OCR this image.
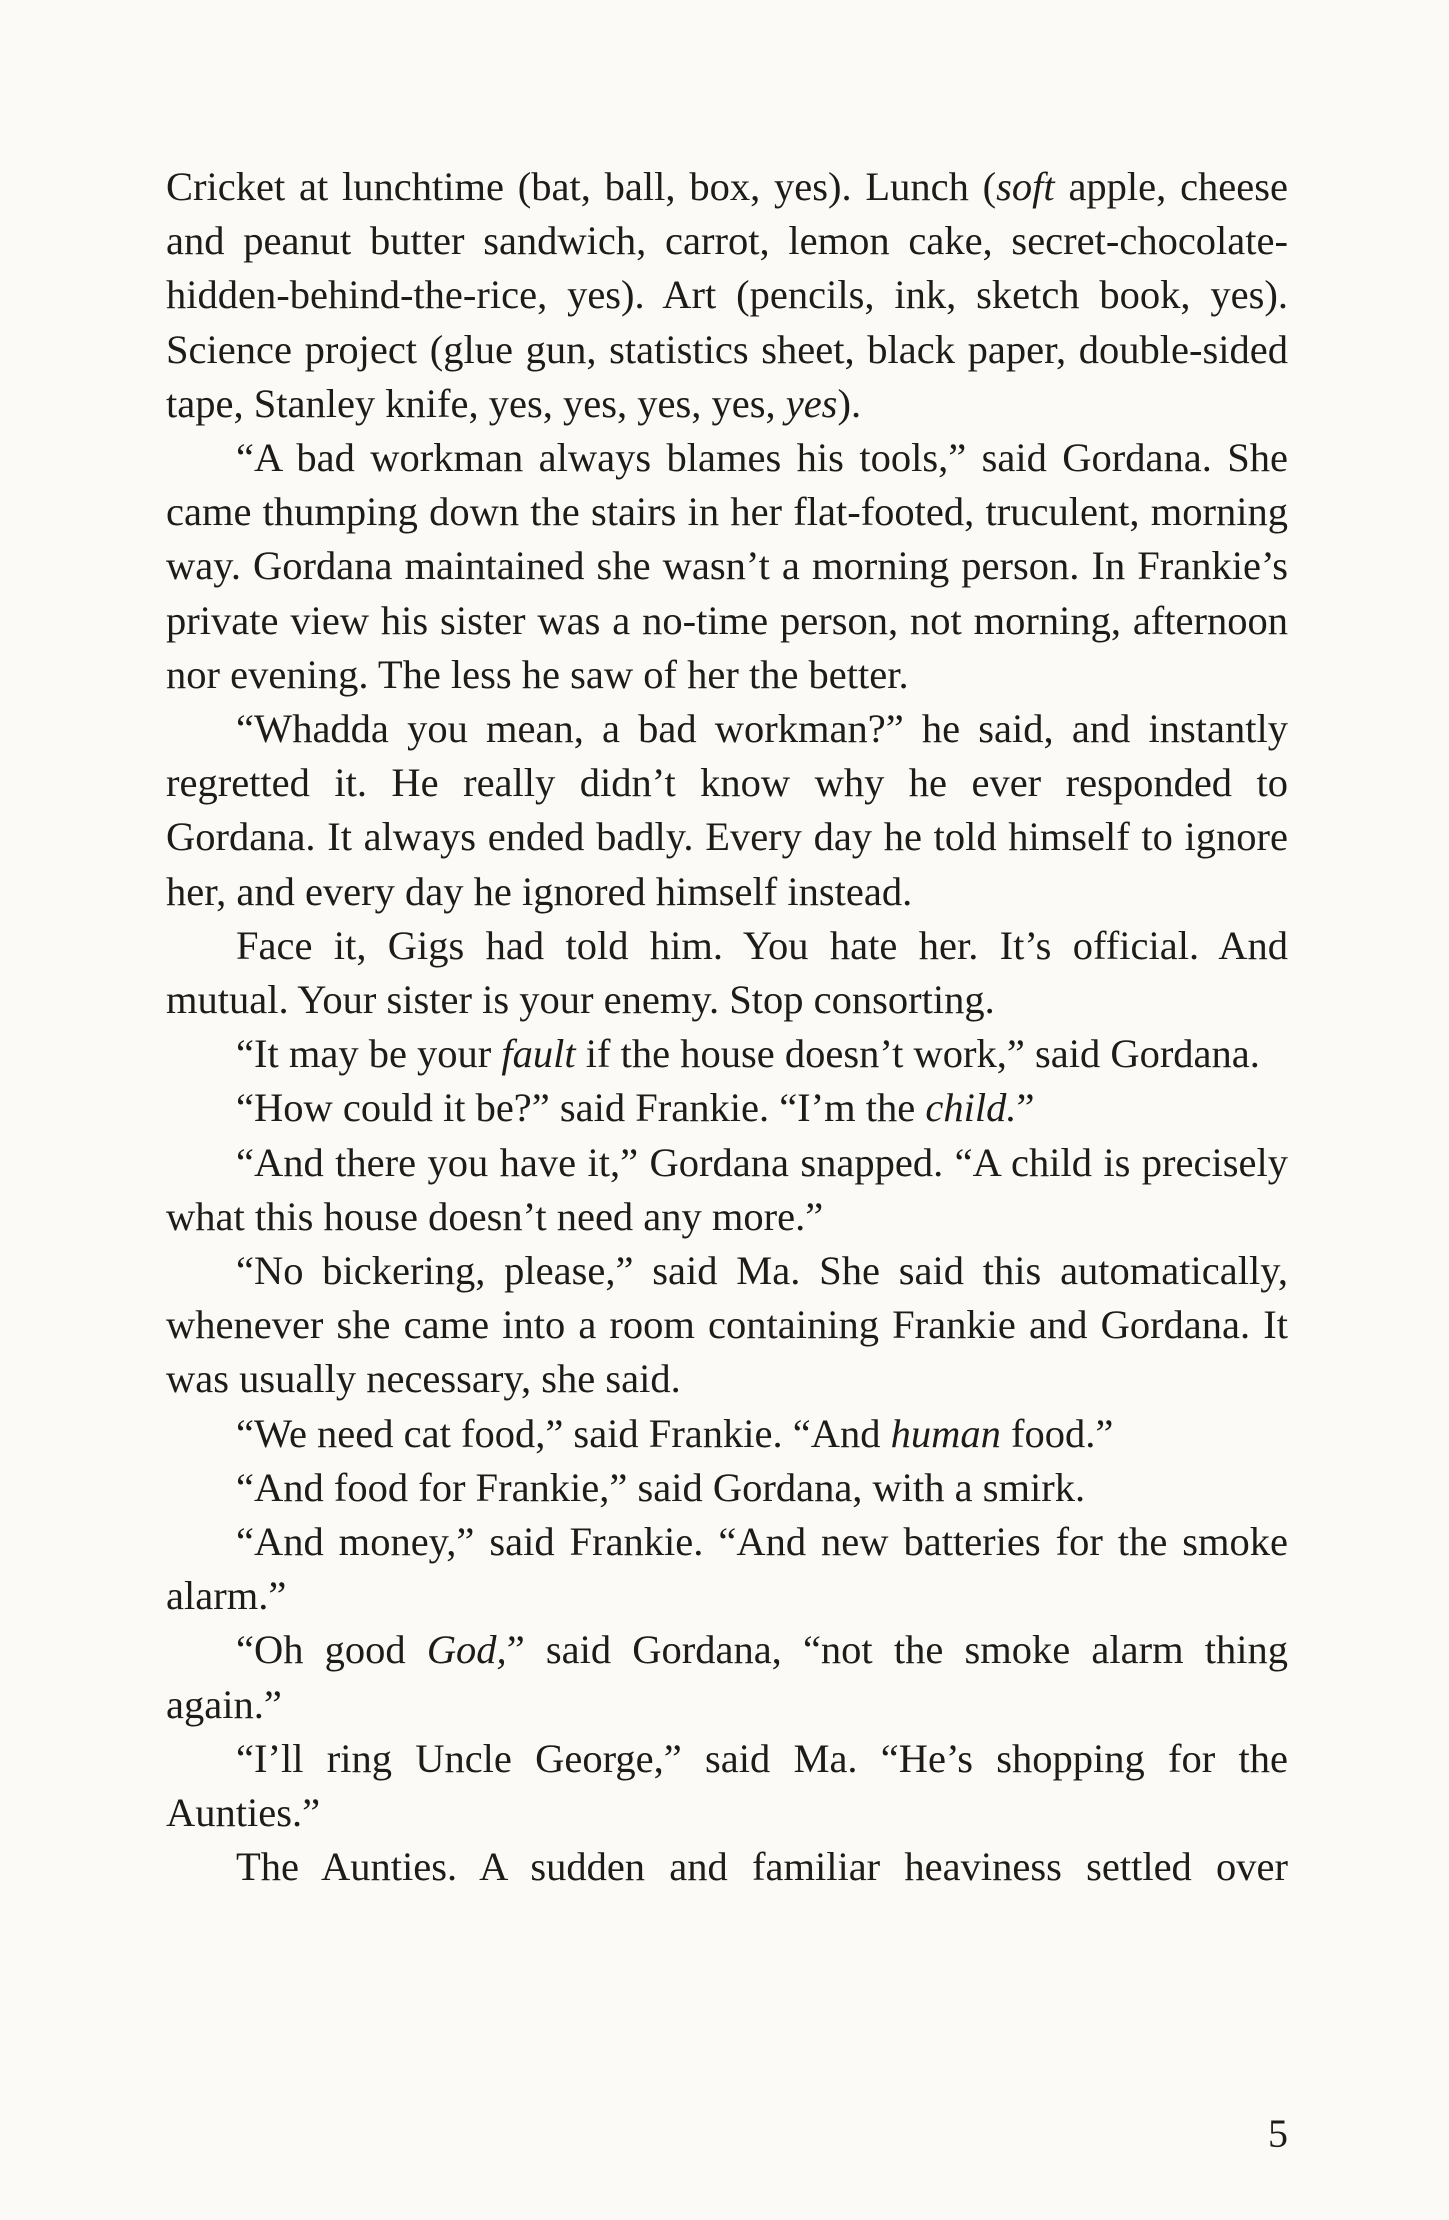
Cricket at lunchtime (bat, ball, box, yes). Lunch (soft apple, cheese and peanut butter sandwich, carrot, lemon cake, secret-chocolate-hidden-behind-the-rice, yes). Art (pencils, ink, sketch book, yes). Science project (glue gun, statistics sheet, black paper, double-sided tape, Stanley knife, yes, yes, yes, yes, yes).

“A bad workman always blames his tools,” said Gordana. She came thumping down the stairs in her flat-footed, truculent, morning way. Gordana maintained she wasn’t a morning person. In Frankie’s private view his sister was a no-time person, not morning, afternoon nor evening. The less he saw of her the better.

“Whadda you mean, a bad workman?” he said, and instantly regretted it. He really didn’t know why he ever responded to Gordana. It always ended badly. Every day he told himself to ignore her, and every day he ignored himself instead.

Face it, Gigs had told him. You hate her. It’s official. And mutual. Your sister is your enemy. Stop consorting.

“It may be your fault if the house doesn’t work,” said Gordana.

“How could it be?” said Frankie. “I’m the child.”

“And there you have it,” Gordana snapped. “A child is precisely what this house doesn’t need any more.”

“No bickering, please,” said Ma. She said this automatically, whenever she came into a room containing Frankie and Gordana. It was usually necessary, she said.

“We need cat food,” said Frankie. “And human food.”

“And food for Frankie,” said Gordana, with a smirk.

“And money,” said Frankie. “And new batteries for the smoke alarm.”

“Oh good God,” said Gordana, “not the smoke alarm thing again.”

“I’ll ring Uncle George,” said Ma. “He’s shopping for the Aunties.”

The Aunties. A sudden and familiar heaviness settled over

5
